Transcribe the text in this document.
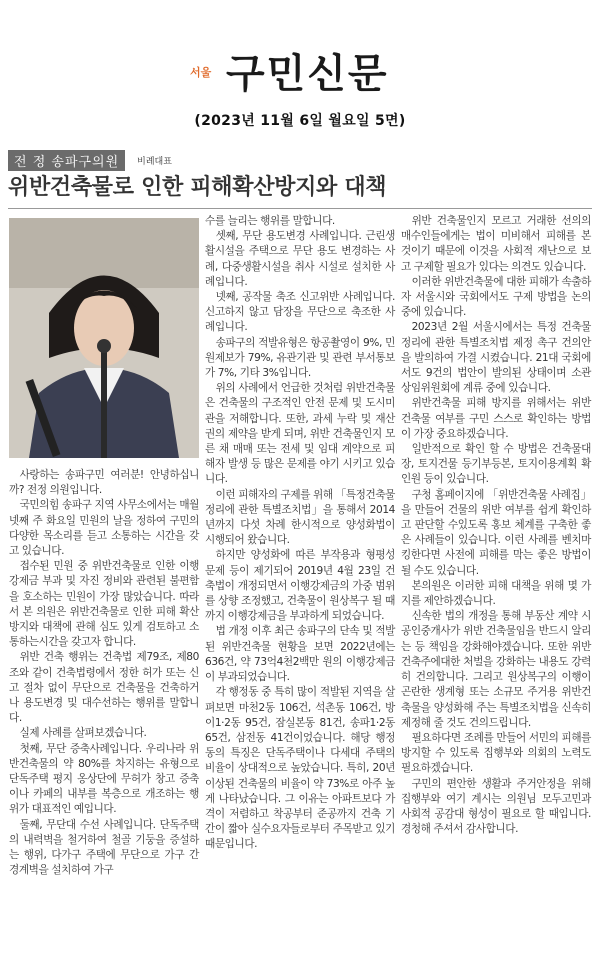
서울 구민신문
(2023년 11월 6일 월요일 5면)
전 정 송파구의원	비례대표
위반건축물로 인한 피해확산방지와 대책

사랑하는 송파구민 여러분! 안녕하십니까? 전정 의원입니다.

국민의힘 송파구 지역 사무소에서는 매월 넷째 주 화요일 민원의 날을 정하여 구민의 다양한 목소리를 듣고 소통하는 시간을 갖고 있습니다.

접수된 민원 중 위반건축물로 인한 이행강제금 부과 및 자진 정비와 관련된 불편함을 호소하는 민원이 가장 많았습니다. 따라서 본 의원은 위반건축물로 인한 피해 확산방지와 대책에 관해 심도 있게 검토하고 소통하는시간을 갖고자 합니다.

위반 건축 행위는 건축법 제79조, 제80조와 같이 건축법령에서 정한 허가 또는 신고 절차 없이 무단으로 건축물을 건축하거나 용도변경 및 대수선하는 행위를 말합니다.

실제 사례를 살펴보겠습니다.

첫째, 무단 증축사례입니다. 우리나라 위반건축물의 약 80%를 차지하는 유형으로 단독주택 평지 옹상단에 무허가 창고 증축이나 카페의 내부를 복층으로 개조하는 행위가 대표적인 예입니다.

둘째, 무단대 수선 사례입니다. 단독주택의 내력벽을 철거하여 철골 기둥을 증설하는 행위, 다가구 주택에 무단으로 가구 간 경계벽을 설치하여 가구

수를 늘리는 행위를 말합니다.

셋째, 무단 용도변경 사례입니다. 근린생활시설을 주택으로 무단 용도 변경하는 사례, 다중생활시설을 취사 시설로 설치한 사례입니다.

넷째, 공작물 축조 신고위반 사례입니다. 신고하지 않고 담장을 무단으로 축조한 사례입니다.

송파구의 적발유형은 항공촬영이 9%, 민원제보가 79%, 유관기관 및 관련 부서통보가 7%, 기타 3%입니다.

위의 사례에서 언급한 것처럼 위반건축물은 건축물의 구조적인 안전 문제 및 도시미관을 저해합니다. 또한, 과세 누락 및 재산권의 제약을 받게 되며, 위반 건축물인지 모른 채 매매 또는 전세 및 임대 계약으로 피해자 발생 등 많은 문제를 야기 시키고 있습니다.

이런 피해자의 구제를 위해 「특정건축물 정리에 관한 특별조치법」을 통해서 2014년까지 다섯 차례 한시적으로 양성화법이 시행되어 왔습니다.

하지만 양성화에 따른 부작용과 형평성 문제 등이 제기되어 2019년 4월 23일 건축법이 개정되면서 이행강제금의 가중 범위를 상향 조정했고, 건축물이 원상복구 될 때까지 이행강제금을 부과하게 되었습니다.

법 개정 이후 최근 송파구의 단속 및 적발된 위반건축물 현황을 보면 2022년에는 636건, 약 73억4천2백만 원의 이행강제금이 부과되었습니다.

각 행정동 중 특히 많이 적발된 지역을 살펴보면 마천2동 106건, 석촌동 106건, 방이1·2동 95건, 잠실본동 81건, 송파1·2동 65건, 삼전동 41건이었습니다. 해당 행정동의 특징은 단독주택이나 다세대 주택의 비율이 상대적으로 높았습니다. 특히, 20년 이상된 건축물의 비율이 약 73%로 아주 높게 나타났습니다. 그 이유는 아파트보다 가격이 저렴하고 착공부터 준공까지 건축 기간이 짧아 실수요자들로부터 주목받고 있기 때문입니다.

위반 건축물인지 모르고 거래한 선의의 매수인들에게는 법이 미비해서 피해를 본 것이기 때문에 이것을 사회적 재난으로 보고 구제할 필요가 있다는 의견도 있습니다.

이러한 위반건축물에 대한 피해가 속출하자 서울시와 국회에서도 구제 방법을 논의 중에 있습니다.

2023년 2월 서울시에서는 특정 건축물 정리에 관한 특별조치법 제정 촉구 건의안을 발의하여 가결 시켰습니다. 21대 국회에서도 9건의 법안이 발의된 상태이며 소관 상임위원회에 계류 중에 있습니다.

위반건축물 피해 방지를 위해서는 위반 건축물 여부를 구민 스스로 확인하는 방법이 가장 중요하겠습니다.

일반적으로 확인 할 수 방법은 건축물대장, 토지건물 등기부등본, 토지이용계획 확인원 등이 있습니다.

구청 홈페이지에 「위반건축물 사례집」을 만들어 건물의 위반 여부를 쉽게 확인하고 판단할 수있도록 홍보 체계를 구축한 좋은 사례들이 있습니다. 이런 사례를 벤치마킹한다면 사전에 피해를 막는 좋은 방법이 될 수도 있습니다.

본의원은 이러한 피해 대책을 위해 몇 가지를 제안하겠습니다.

신속한 법의 개정을 통해 부동산 계약 시 공인중개사가 위반 건축물임을 반드시 알리는 등 책임을 강화해야겠습니다. 또한 위반건축주에대한 처벌을 강화하는 내용도 강력히 건의합니다. 그리고 원상복구의 이행이 곤란한 생계형 또는 소규모 주거용 위반건축물을 양성화해 주는 특별조치법을 신속히 제정해 줄 것도 건의드립니다.

필요하다면 조례를 만들어 서민의 피해를 방지할 수 있도록 집행부와 의회의 노력도 필요하겠습니다.

구민의 편안한 생활과 주거안정을 위해 집행부와 여기 계시는 의원님 모두고민과 사회적 공감대 형성이 필요로 할 때입니다. 경청해 주셔서 감사합니다.
